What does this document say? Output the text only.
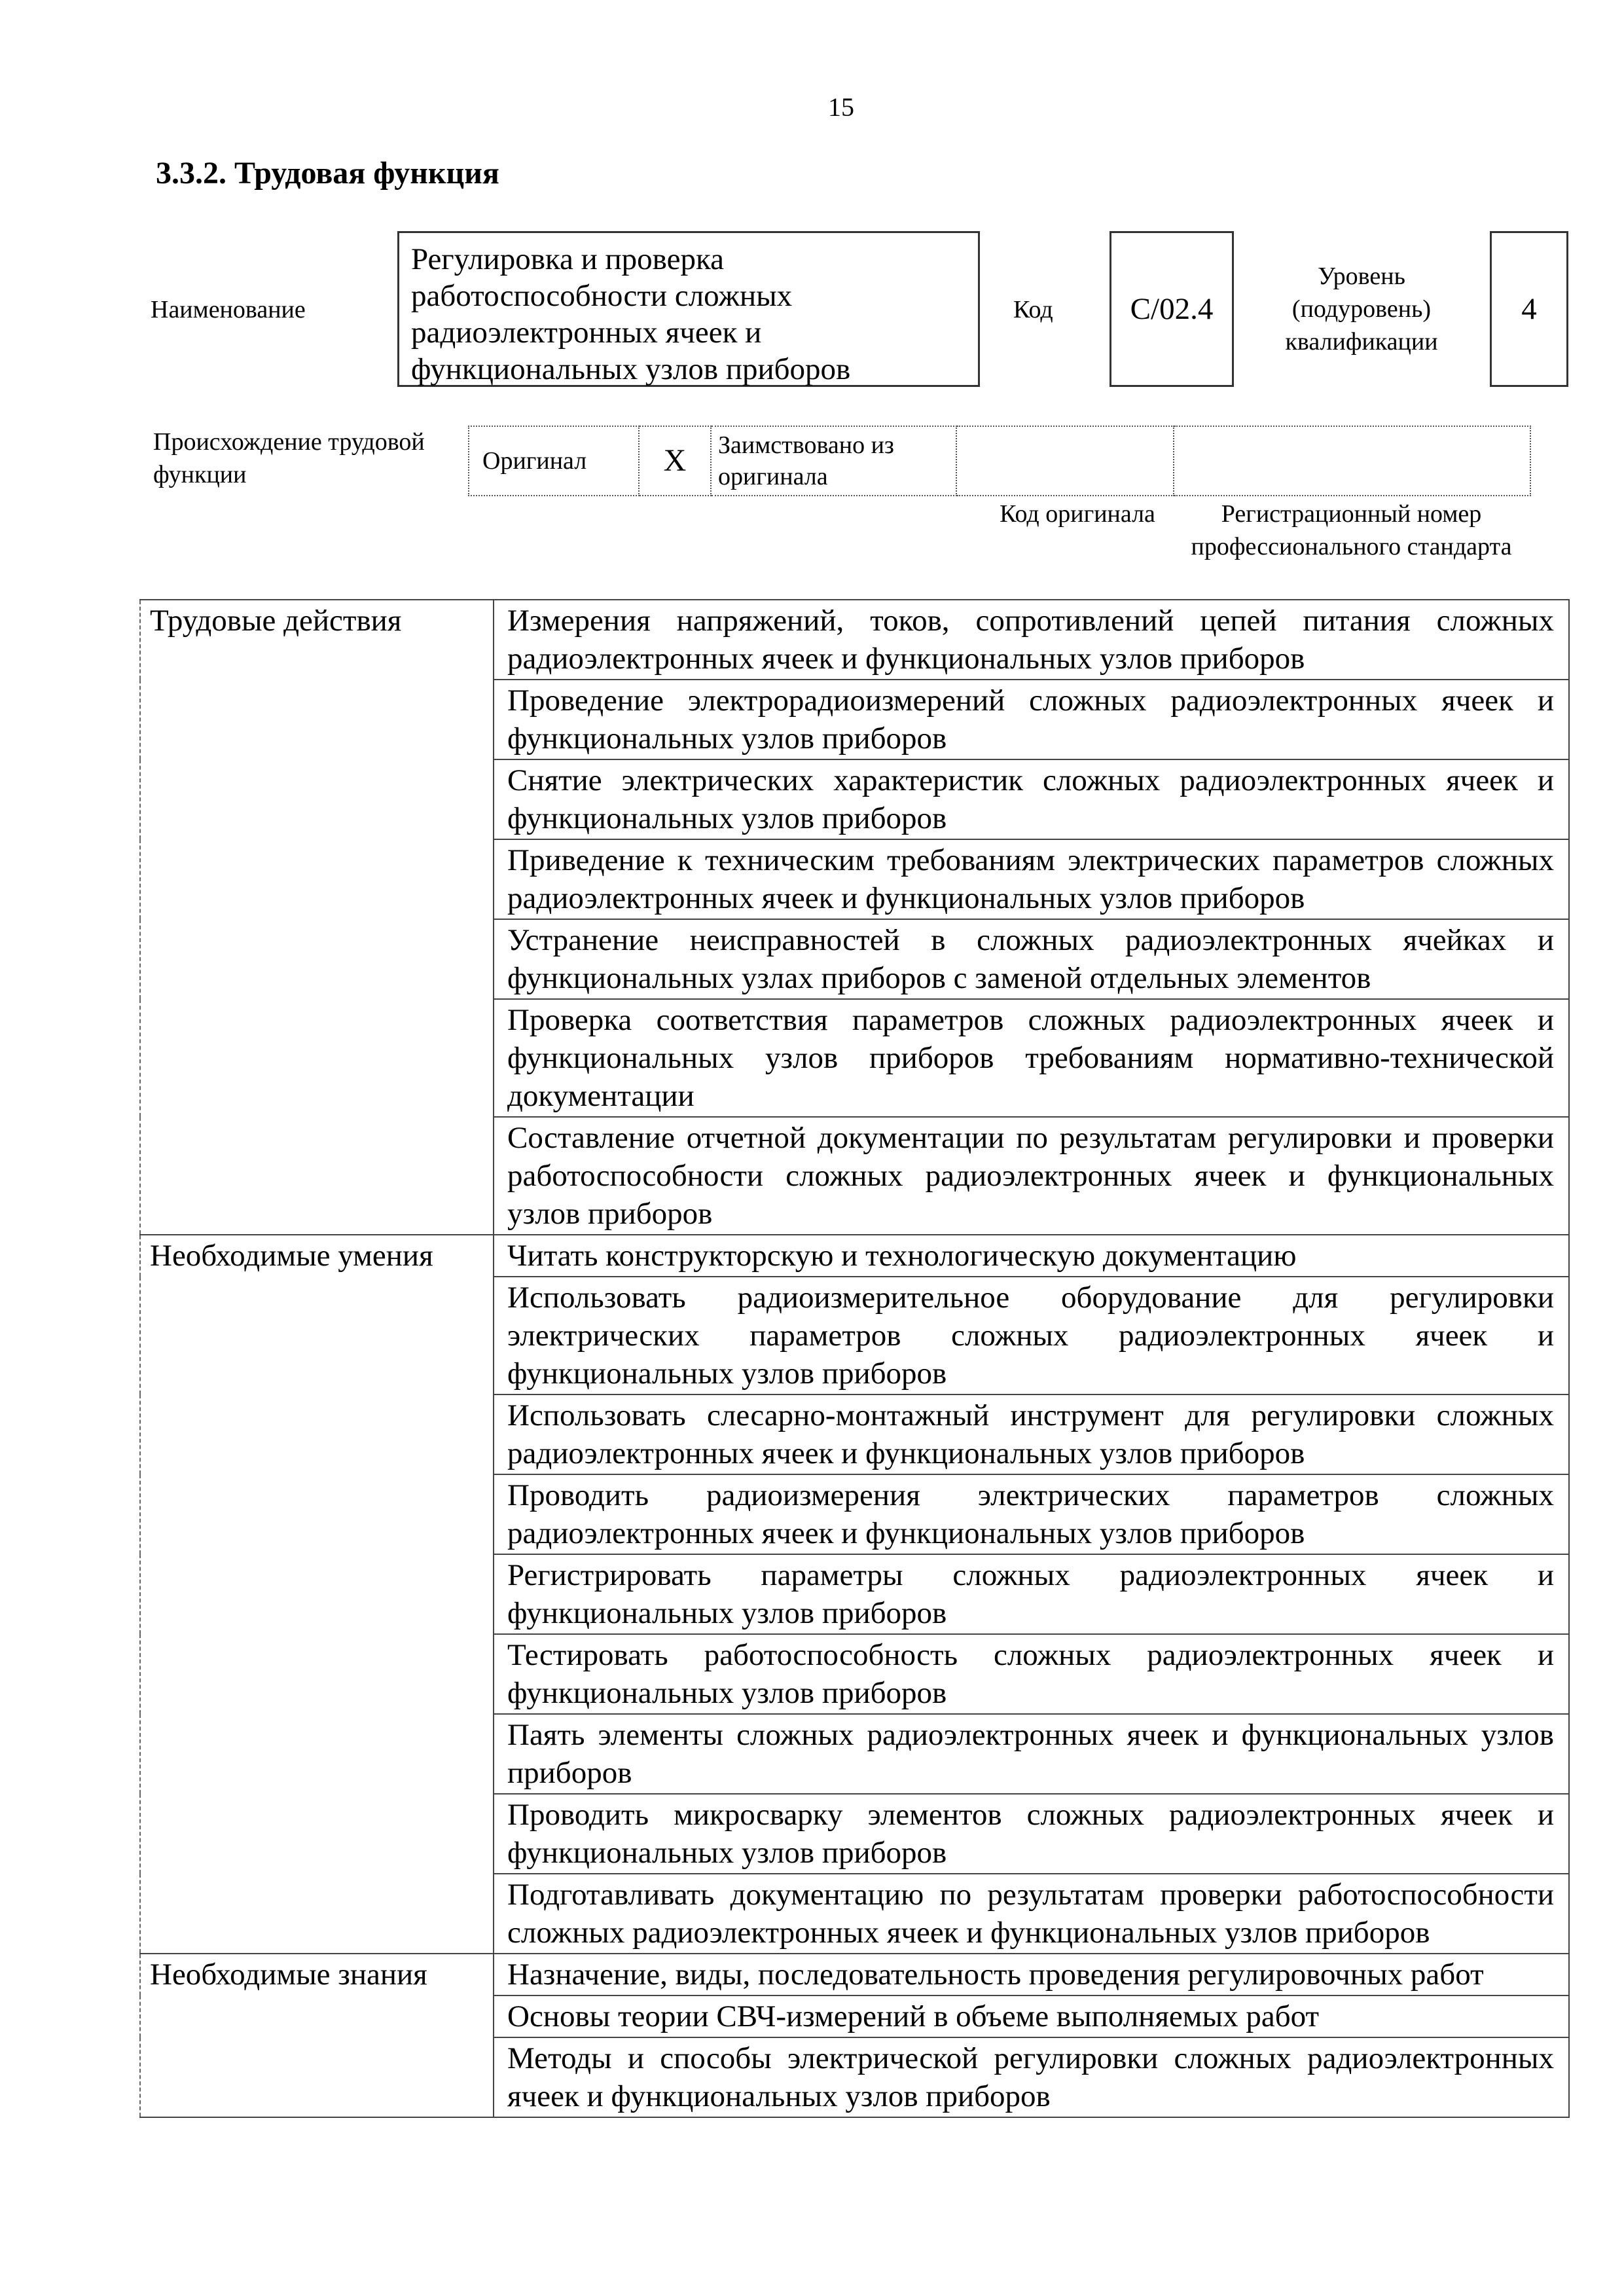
15
3.3.2. Трудовая функция
Наименование
Регулировка и проверка работоспособности сложных радиоэлектронных ячеек и функциональных узлов приборов
Код	C/02.4
Уровень (подуровень) квалификации
4
Происхождение трудовой функции	Оригинал	X	Заимствовано из оригинала		
Код оригинала	Регистрационный номер профессионального стандарта
Трудовые действия	Измерения напряжений, токов, сопротивлений цепей питания сложных радиоэлектронных ячеек и функциональных узлов приборов
	Проведение электрорадиоизмерений сложных радиоэлектронных ячеек и функциональных узлов приборов
	Снятие электрических характеристик сложных радиоэлектронных ячеек и функциональных узлов приборов
	Приведение к техническим требованиям электрических параметров сложных радиоэлектронных ячеек и функциональных узлов приборов
	Устранение неисправностей в сложных радиоэлектронных ячейках и функциональных узлах приборов с заменой отдельных элементов
	Проверка соответствия параметров сложных радиоэлектронных ячеек и функциональных узлов приборов требованиям нормативно-технической документации
	Составление отчетной документации по результатам регулировки и проверки работоспособности сложных радиоэлектронных ячеек и функциональных узлов приборов
Необходимые умения	Читать конструкторскую и технологическую документацию
	Использовать радиоизмерительное оборудование для регулировки электрических параметров сложных радиоэлектронных ячеек и функциональных узлов приборов
	Использовать слесарно-монтажный инструмент для регулировки сложных радиоэлектронных ячеек и функциональных узлов приборов
	Проводить радиоизмерения электрических параметров сложных радиоэлектронных ячеек и функциональных узлов приборов
	Регистрировать параметры сложных радиоэлектронных ячеек и функциональных узлов приборов
	Тестировать работоспособность сложных радиоэлектронных ячеек и функциональных узлов приборов
	Паять элементы сложных радиоэлектронных ячеек и функциональных узлов приборов
	Проводить микросварку элементов сложных радиоэлектронных ячеек и функциональных узлов приборов
	Подготавливать документацию по результатам проверки работоспособности сложных радиоэлектронных ячеек и функциональных узлов приборов
Необходимые знания	Назначение, виды, последовательность проведения регулировочных работ
	Основы теории СВЧ-измерений в объеме выполняемых работ
	Методы и способы электрической регулировки сложных радиоэлектронных ячеек и функциональных узлов приборов
